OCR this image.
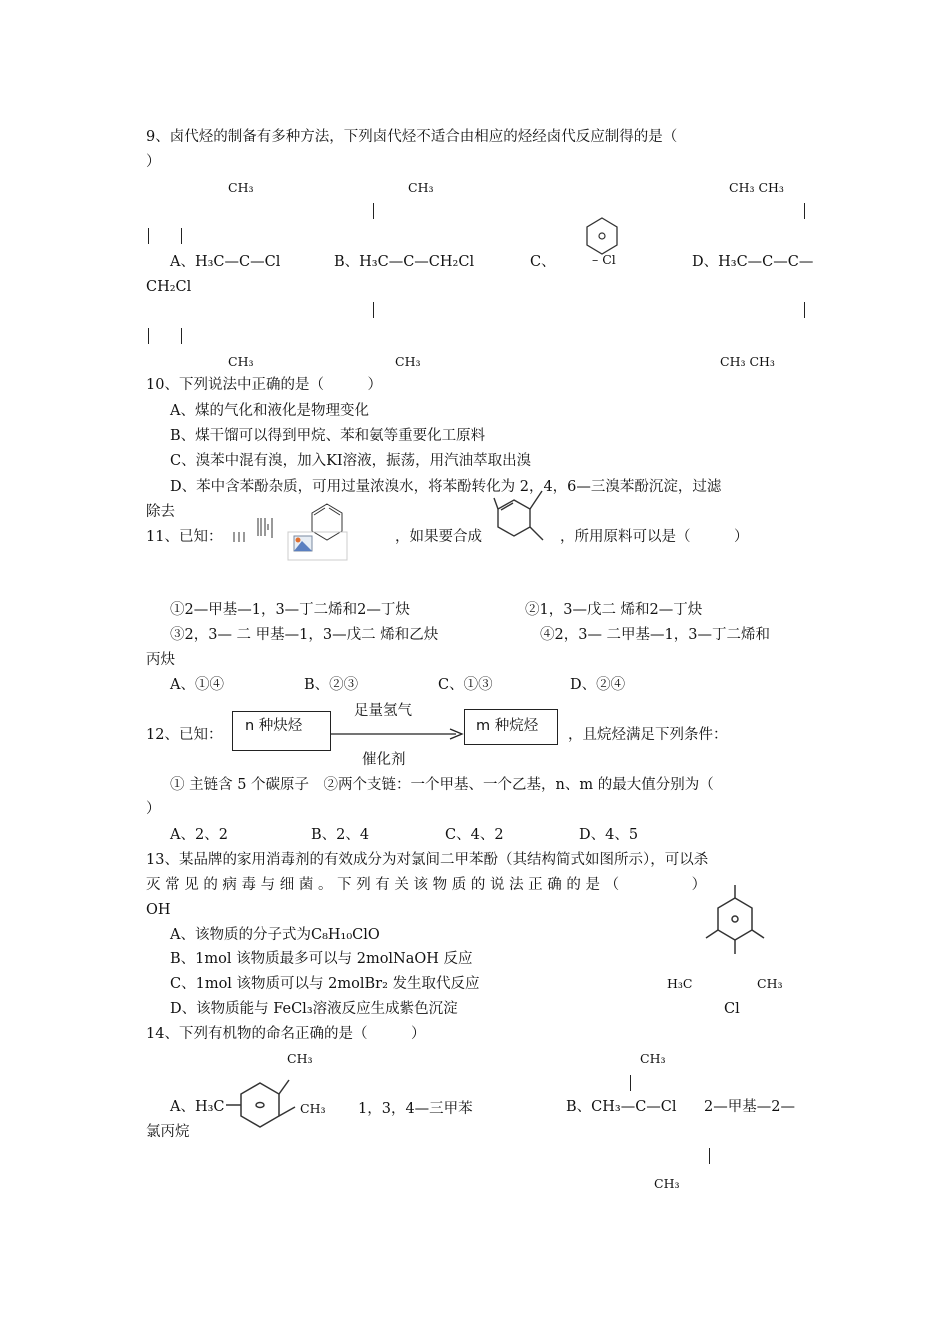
9、卤代烃的制备有多种方法，下列卤代烃不适合由相应的烃经卤代反应制得的是（
）
CH₃	CH₃	CH₃ CH₃
A、H₃C—C—Cl	B、H₃C—C—CH₂Cl	C、	– Cl	D、H₃C—C—C—
CH₂Cl
CH₃	CH₃	CH₃ CH₃
10、下列说法中正确的是（　　　）
A、煤的气化和液化是物理变化
B、煤干馏可以得到甲烷、苯和氨等重要化工原料
C、溴苯中混有溴，加入KI溶液，振荡，用汽油萃取出溴
D、苯中含苯酚杂质，可用过量浓溴水，将苯酚转化为 2，4，6—三溴苯酚沉淀，过滤
除去
11、已知：	，如果要合成	，所用原料可以是（　　　）
①2—甲基—1，3—丁二烯和2—丁炔	②1，3—戊二 烯和2—丁炔
③2，3— 二 甲基—1，3—戊二 烯和乙炔	④2，3— 二甲基—1，3—丁二烯和
丙炔
A、①④	B、②③	C、①③	D、②④
12、已知：
n 种炔烃
足量氢气
催化剂
m 种烷烃
，且烷烃满足下列条件：
① 主链含 5 个碳原子　②两个支链：一个甲基、一个乙基，n、m 的最大值分别为（
）
A、2、2	B、2、4	C、4、2	D、4、5
13、某品牌的家用消毒剂的有效成分为对氯间二甲苯酚（其结构简式如图所示），可以杀
灭 常 见 的 病 毒 与 细 菌 。 下 列 有 关 该 物 质 的 说 法 正 确 的 是 （　　　　　）
OH
A、该物质的分子式为C₈H₁₀ClO
B、1mol 该物质最多可以与 2molNaOH 反应
C、1mol 该物质可以与 2molBr₂ 发生取代反应	H₃C	CH₃
D、该物质能与 FeCl₃溶液反应生成紫色沉淀	Cl
14、下列有机物的命名正确的是（　　　）
CH₃	CH₃
A、H₃C	CH₃ 1，3，4—三甲苯	B、CH₃—C—Cl 2—甲基—2—
氯丙烷
CH₃
